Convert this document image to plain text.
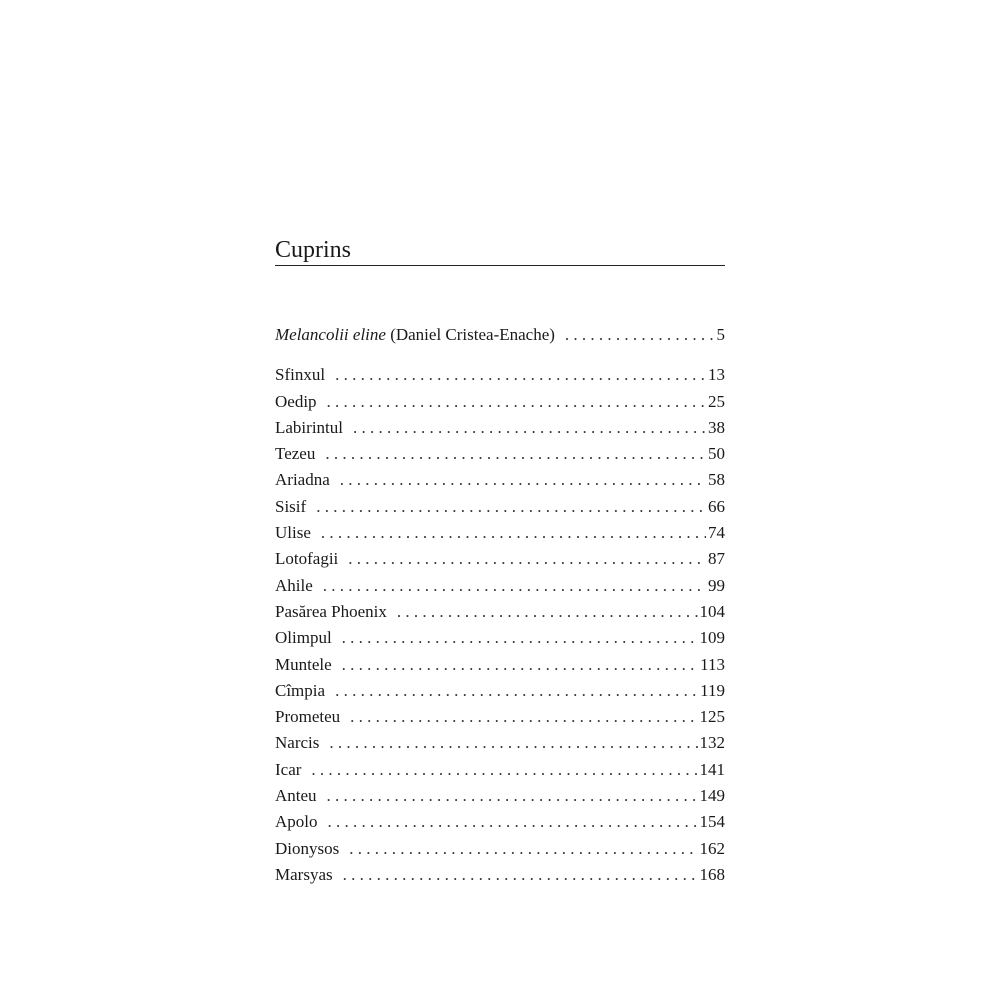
Cuprins
Melancolii eline (Daniel Cristea-Enache) . . .	5
Sfinxul . . .	13
Oedip . . .	25
Labirintul . . .	38
Tezeu . . .	50
Ariadna . . .	58
Sisif . . .	66
Ulise . . .	74
Lotofagii . . .	87
Ahile . . .	99
Pasărea Phoenix . . .	104
Olimpul . . .	109
Muntele . . .	113
Cîmpia . . .	119
Prometeu . . .	125
Narcis . . .	132
Icar . . .	141
Anteu . . .	149
Apolo . . .	154
Dionysos . . .	162
Marsyas . . .	168
